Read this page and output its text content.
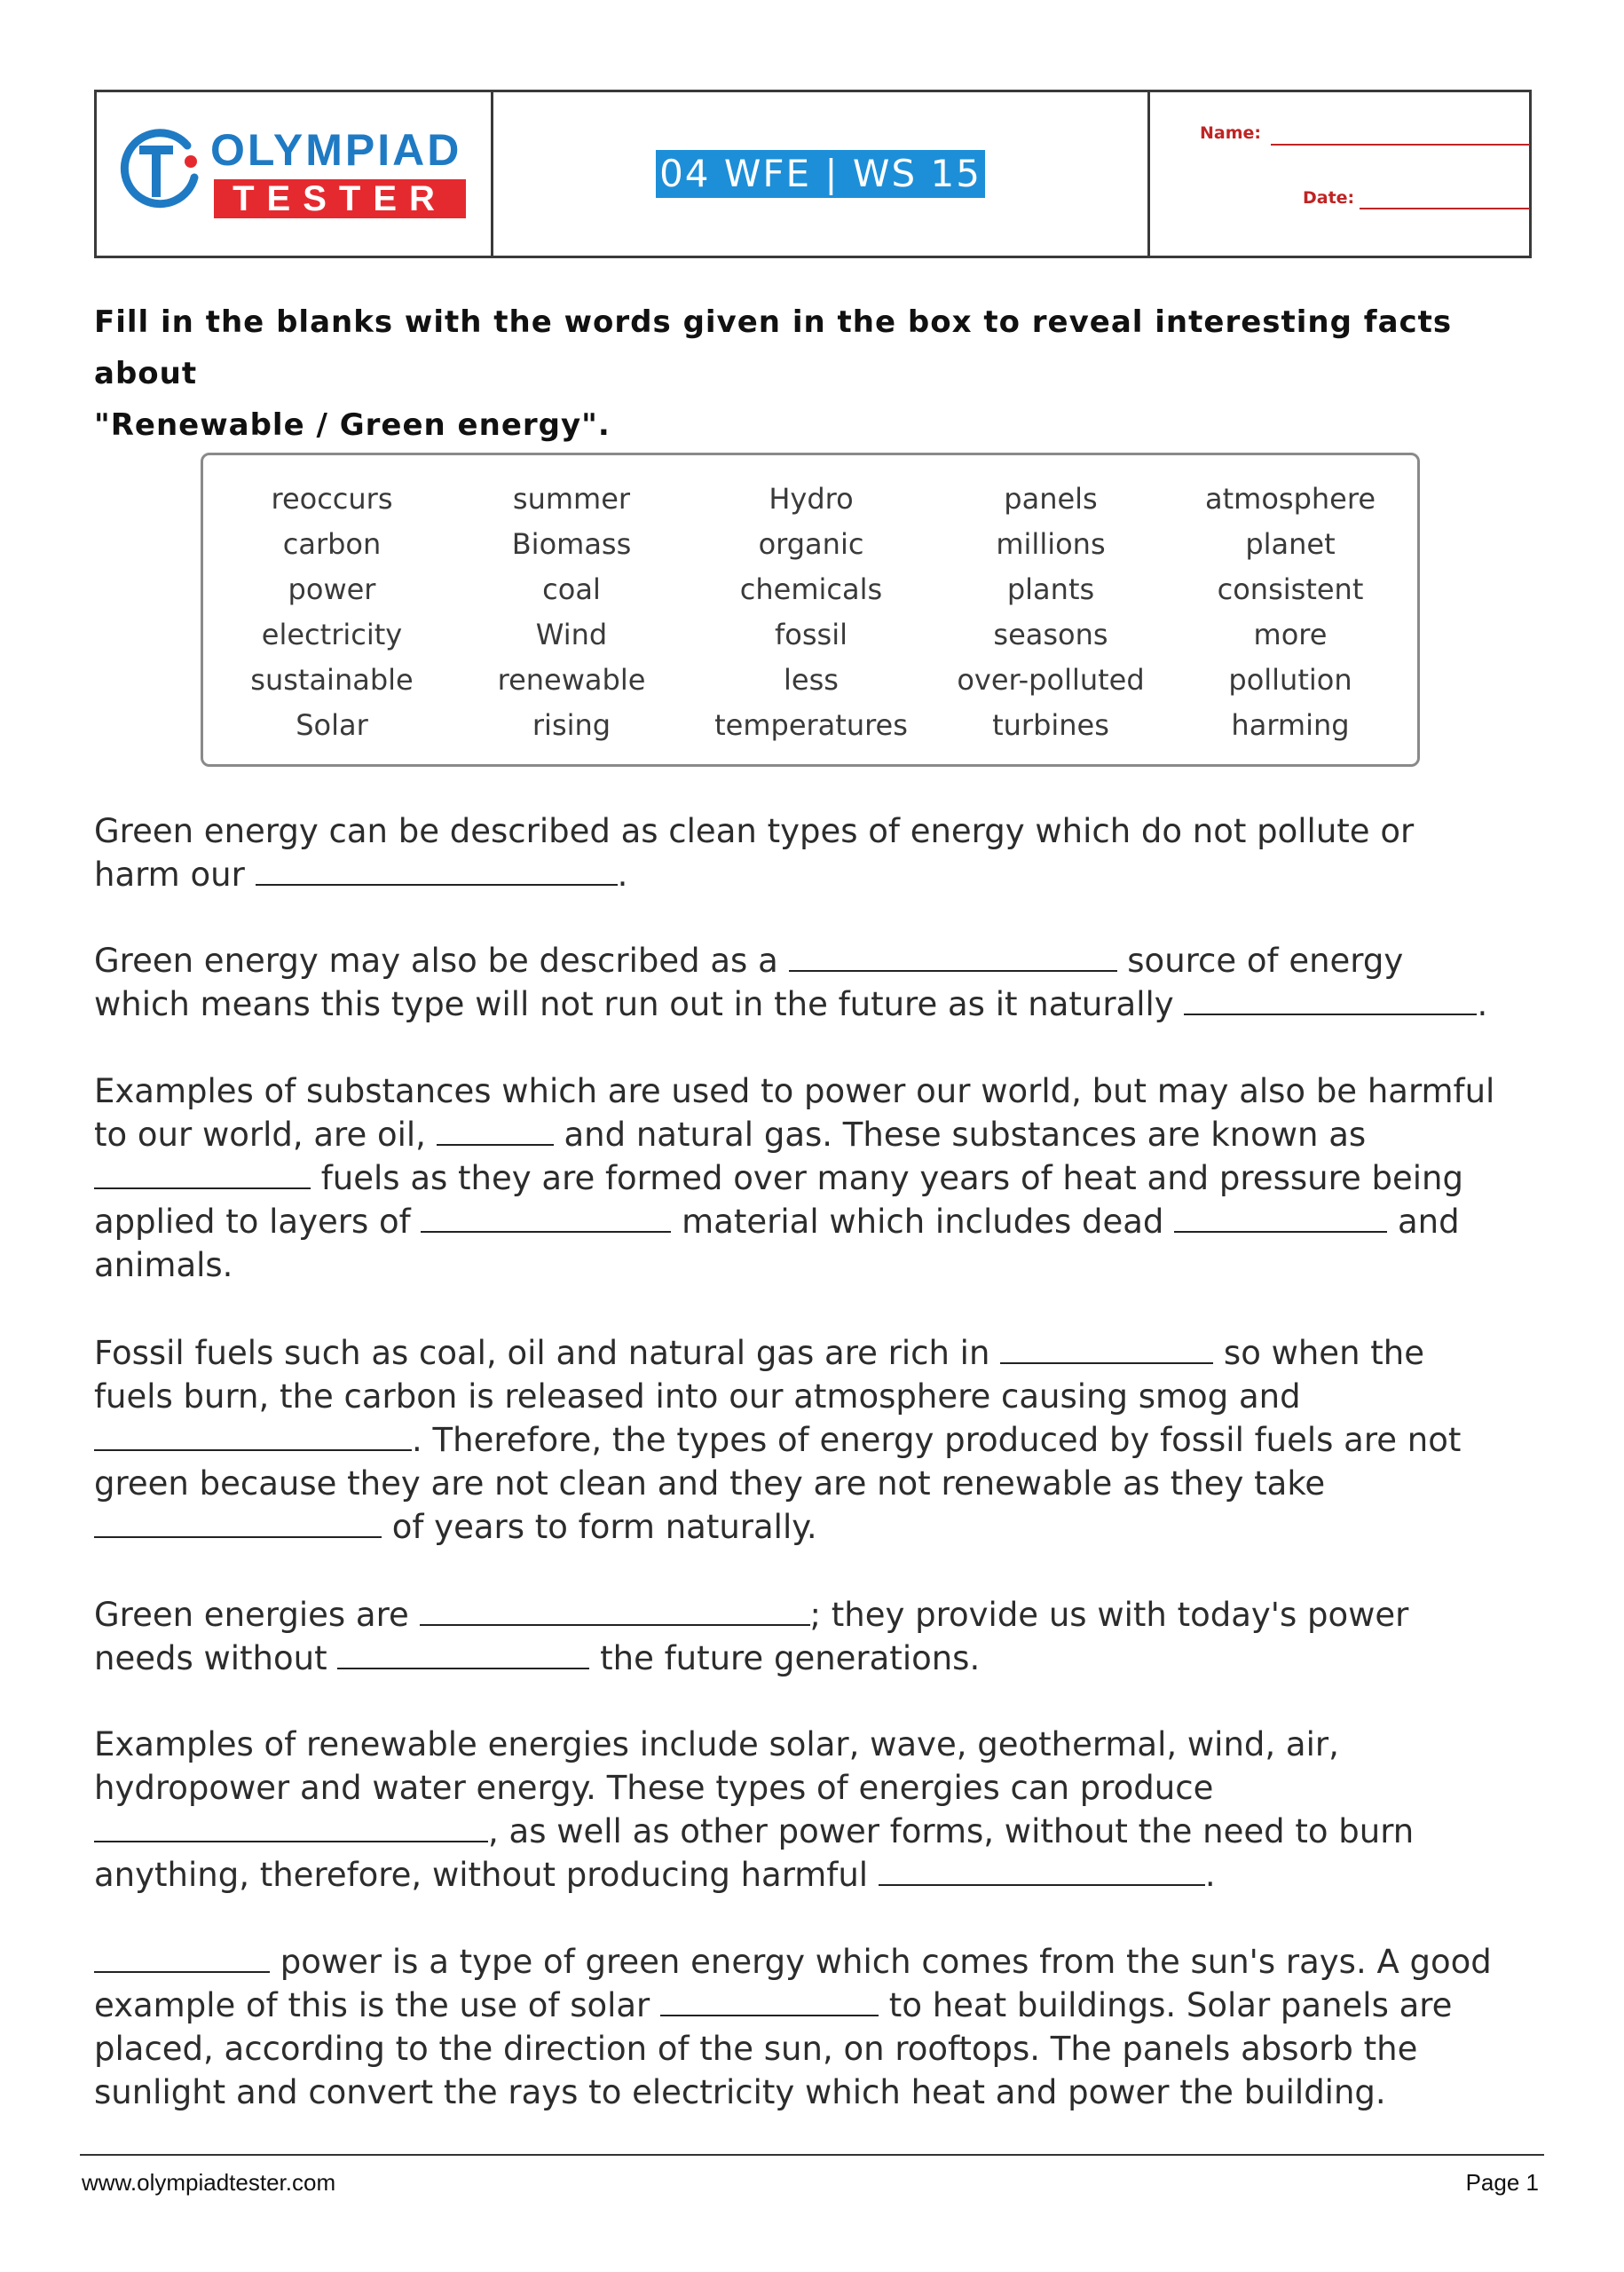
OLYMPIAD
TESTER
04 WFE | WS 15
Name:
Date:
Fill in the blanks with the words given in the box to reveal interesting facts about
"Renewable / Green energy".
reoccurs	summer	Hydro	panels	atmosphere
carbon	Biomass	organic	millions	planet
power	coal	chemicals	plants	consistent
electricity	Wind	fossil	seasons	more
sustainable	renewable	less	over-polluted	pollution
Solar	rising	temperatures	turbines	harming
Green energy can be described as clean types of energy which do not pollute or
harm our	.
Green energy may also be described as a	source of energy
which means this type will not run out in the future as it naturally	.
Examples of substances which are used to power our world, but may also be harmful
to our world, are oil,	and natural gas. These substances are known as
fuels as they are formed over many years of heat and pressure being
applied to layers of	material which includes dead	and
animals.
Fossil fuels such as coal, oil and natural gas are rich in	so when the
fuels burn, the carbon is released into our atmosphere causing smog and
. Therefore, the types of energy produced by fossil fuels are not
green because they are not clean and they are not renewable as they take
of years to form naturally.
Green energies are	; they provide us with today's power
needs without	the future generations.
Examples of renewable energies include solar, wave, geothermal, wind, air,
hydropower and water energy. These types of energies can produce
, as well as other power forms, without the need to burn
anything, therefore, without producing harmful	.
power is a type of green energy which comes from the sun's rays. A good
example of this is the use of solar	to heat buildings. Solar panels are
placed, according to the direction of the sun, on rooftops. The panels absorb the
sunlight and convert the rays to electricity which heat and power the building.
www.olympiadtester.com	Page 1
